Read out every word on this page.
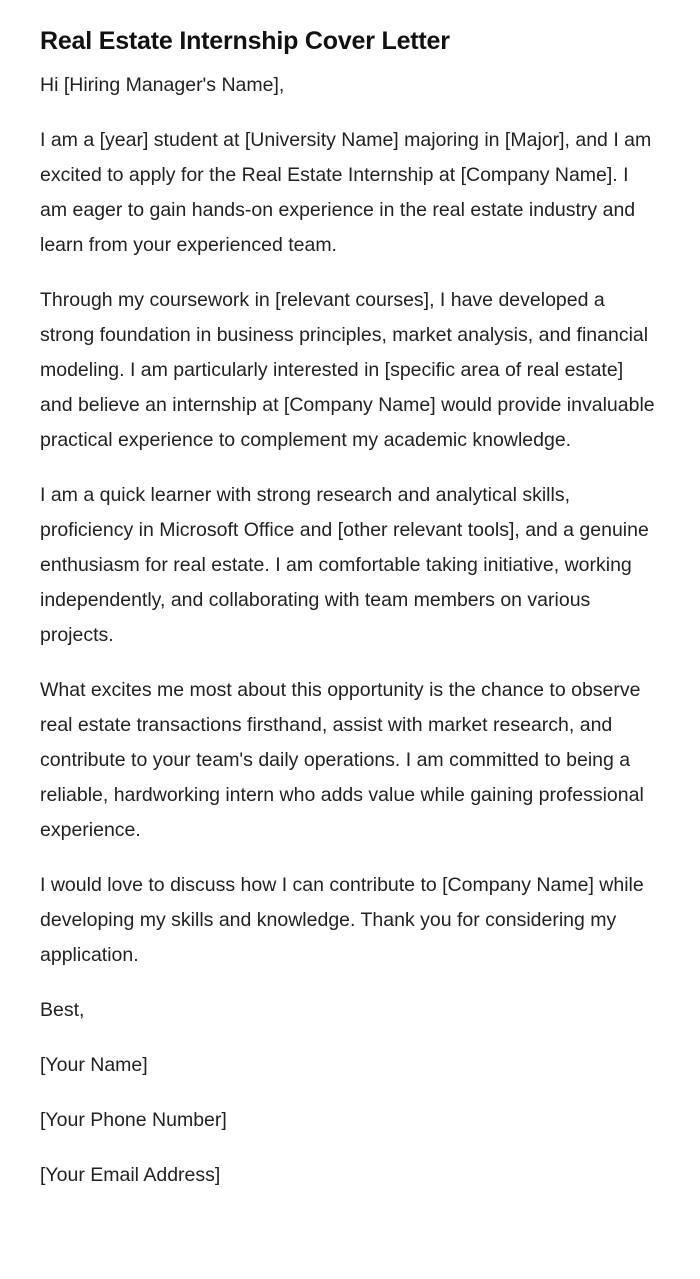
Real Estate Internship Cover Letter

Hi [Hiring Manager's Name],

I am a [year] student at [University Name] majoring in [Major], and I am excited to apply for the Real Estate Internship at [Company Name]. I am eager to gain hands-on experience in the real estate industry and learn from your experienced team.

Through my coursework in [relevant courses], I have developed a strong foundation in business principles, market analysis, and financial modeling. I am particularly interested in [specific area of real estate] and believe an internship at [Company Name] would provide invaluable practical experience to complement my academic knowledge.

I am a quick learner with strong research and analytical skills, proficiency in Microsoft Office and [other relevant tools], and a genuine enthusiasm for real estate. I am comfortable taking initiative, working independently, and collaborating with team members on various projects.

What excites me most about this opportunity is the chance to observe real estate transactions firsthand, assist with market research, and contribute to your team's daily operations. I am committed to being a reliable, hardworking intern who adds value while gaining professional experience.

I would love to discuss how I can contribute to [Company Name] while developing my skills and knowledge. Thank you for considering my application.

Best,

[Your Name]

[Your Phone Number]

[Your Email Address]
